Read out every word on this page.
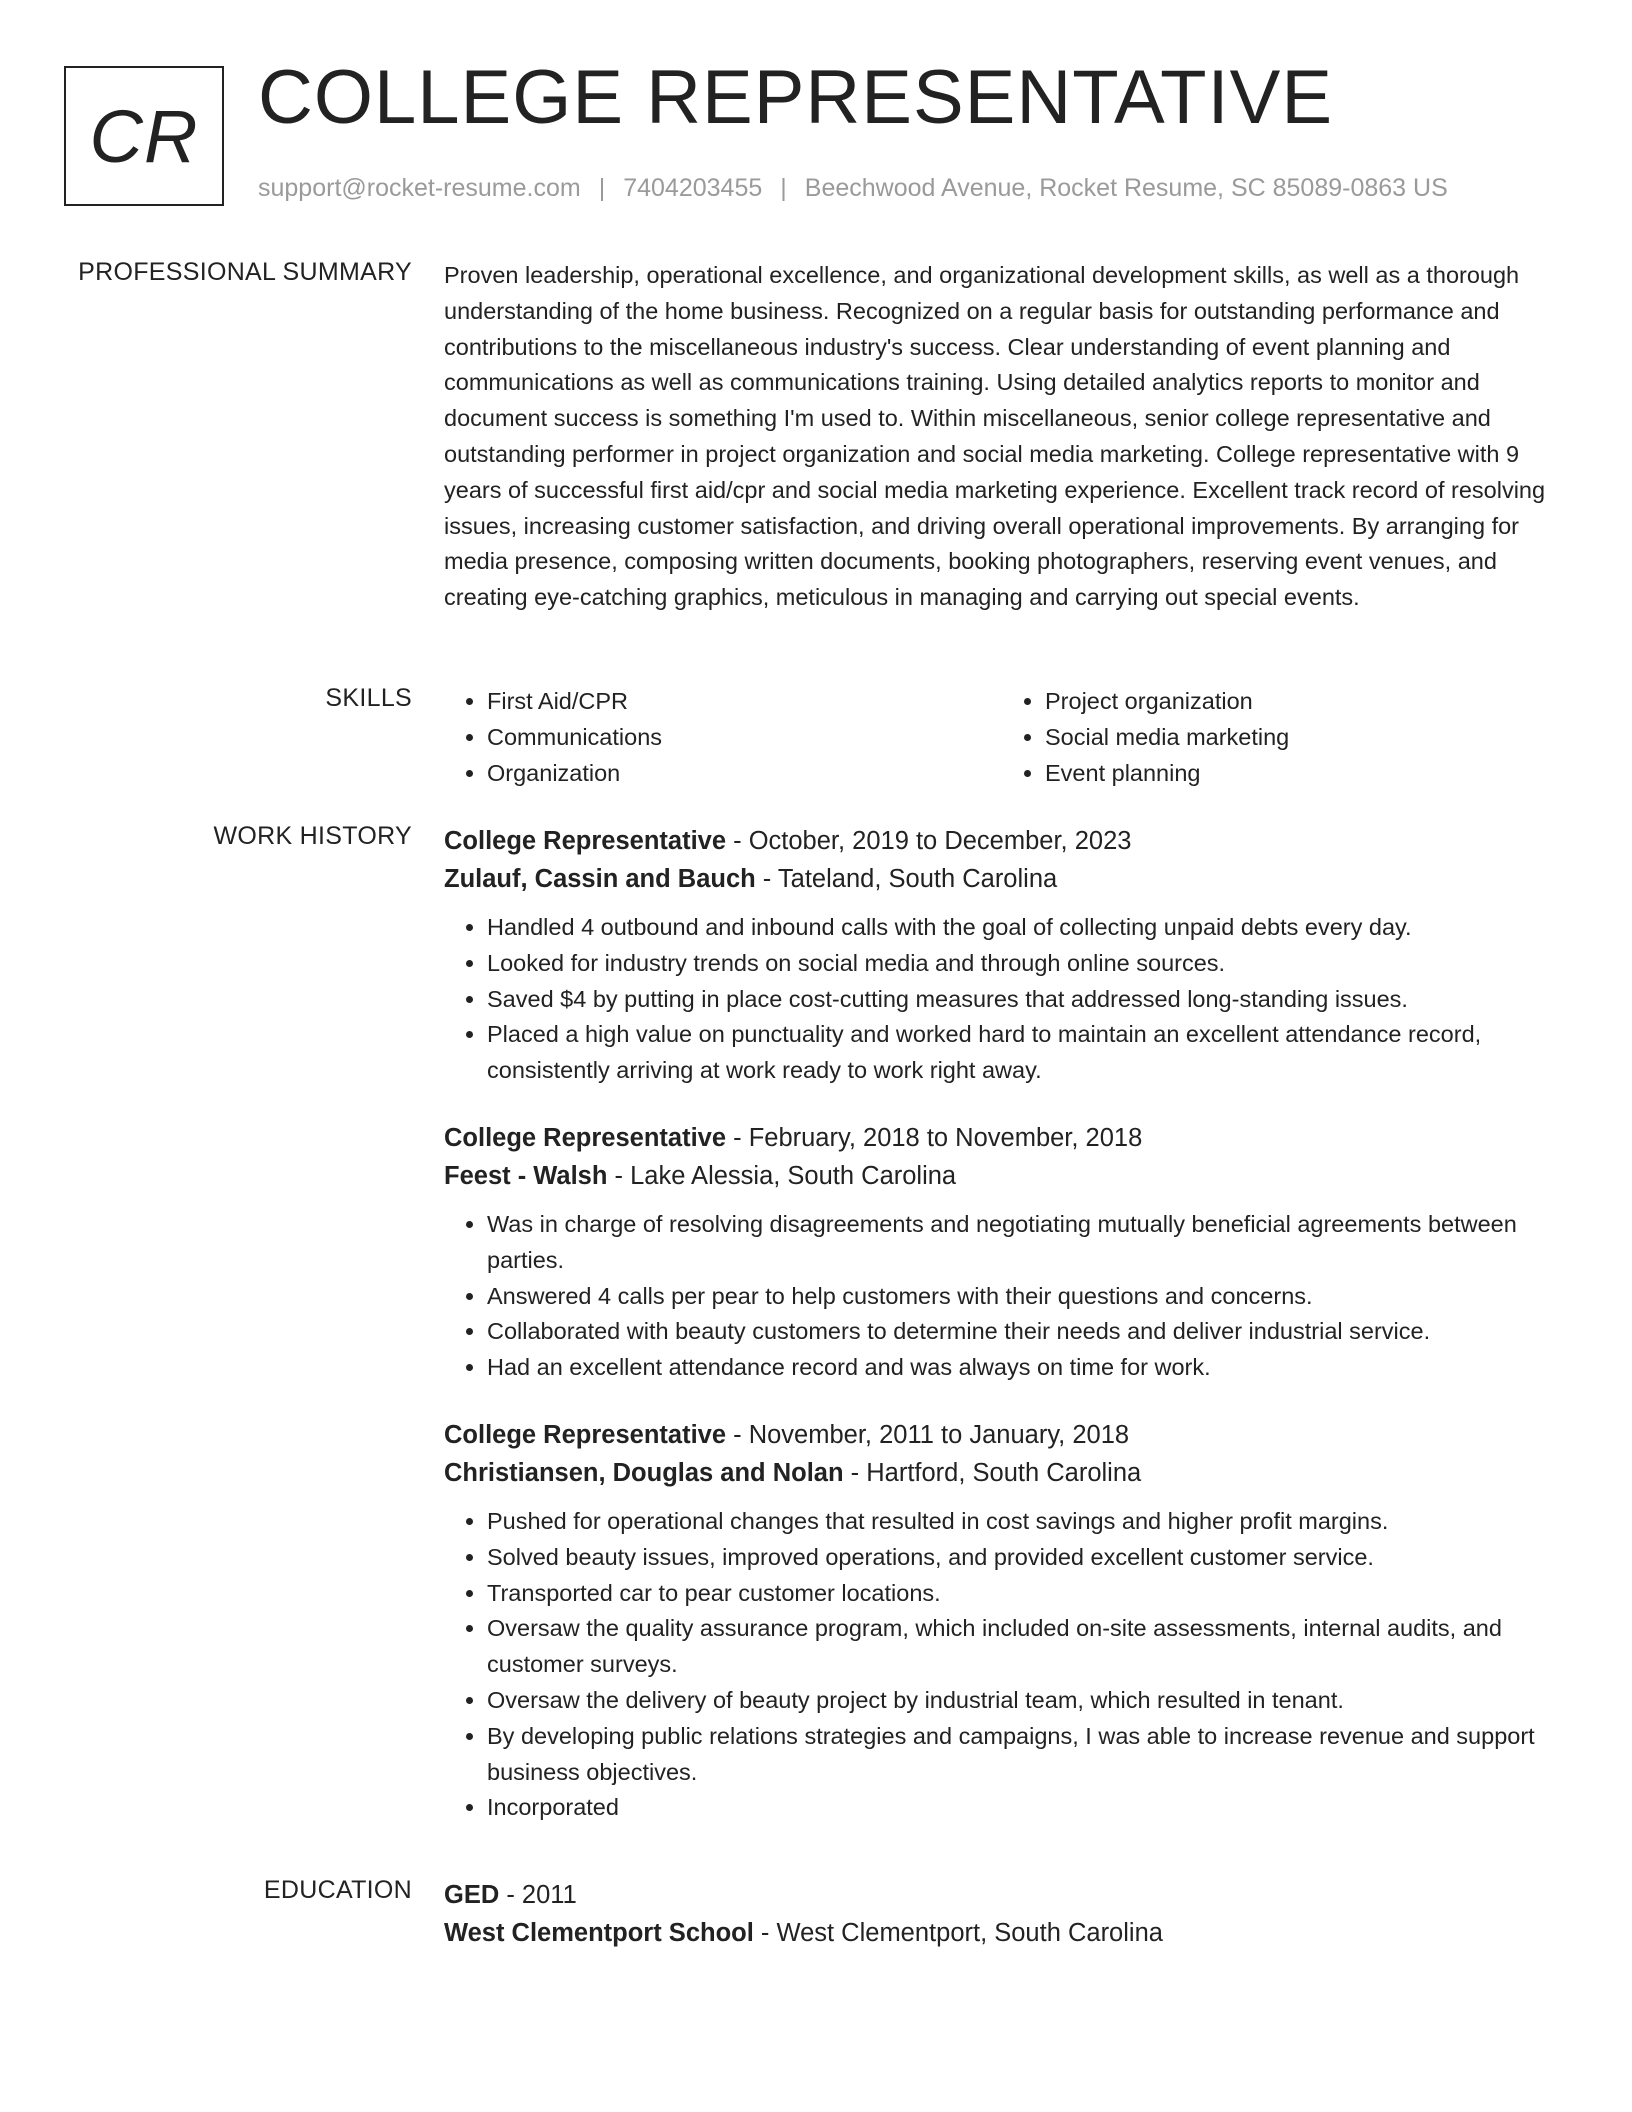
CR COLLEGE REPRESENTATIVE
support@rocket-resume.com | 7404203455 | Beechwood Avenue, Rocket Resume, SC 85089-0863 US
PROFESSIONAL SUMMARY Proven leadership, operational excellence, and organizational development skills, as well as a thorough understanding of the home business. Recognized on a regular basis for outstanding performance and contributions to the miscellaneous industry's success. Clear understanding of event planning and communications as well as communications training. Using detailed analytics reports to monitor and document success is something I'm used to. Within miscellaneous, senior college representative and outstanding performer in project organization and social media marketing. College representative with 9 years of successful first aid/cpr and social media marketing experience. Excellent track record of resolving issues, increasing customer satisfaction, and driving overall operational improvements. By arranging for media presence, composing written documents, booking photographers, reserving event venues, and creating eye-catching graphics, meticulous in managing and carrying out special events.

SKILLS
•	First Aid/CPR
• Communications
• Organization
• Project organization
• Social media marketing
• Event planning
WORK HISTORY College Representative - October, 2019 to December, 2023
Zulauf, Cassin and Bauch - Tateland, South Carolina
• Handled 4 outbound and inbound calls with the goal of collecting unpaid debts every day.
• Looked for industry trends on social media and through online sources.
• Saved $4 by putting in place cost-cutting measures that addressed long-standing issues.
• Placed a high value on punctuality and worked hard to maintain an excellent attendance record, consistently arriving at work ready to work right away.
College Representative - February, 2018 to November, 2018
Feest - Walsh - Lake Alessia, South Carolina
• Was in charge of resolving disagreements and negotiating mutually beneficial agreements between parties.
• Answered 4 calls per pear to help customers with their questions and concerns.
• Collaborated with beauty customers to determine their needs and deliver industrial service.
• Had an excellent attendance record and was always on time for work.
College Representative - November, 2011 to January, 2018
Christiansen, Douglas and Nolan - Hartford, South Carolina
• Pushed for operational changes that resulted in cost savings and higher profit margins.
• Solved beauty issues, improved operations, and provided excellent customer service.
• Transported car to pear customer locations.
• Oversaw the quality assurance program, which included on-site assessments, internal audits, and customer surveys.
• Oversaw the delivery of beauty project by industrial team, which resulted in tenant.
• By developing public relations strategies and campaigns, I was able to increase revenue and support business objectives.
• Incorporated
EDUCATION GED - 2011
West Clementport School - West Clementport, South Carolina
